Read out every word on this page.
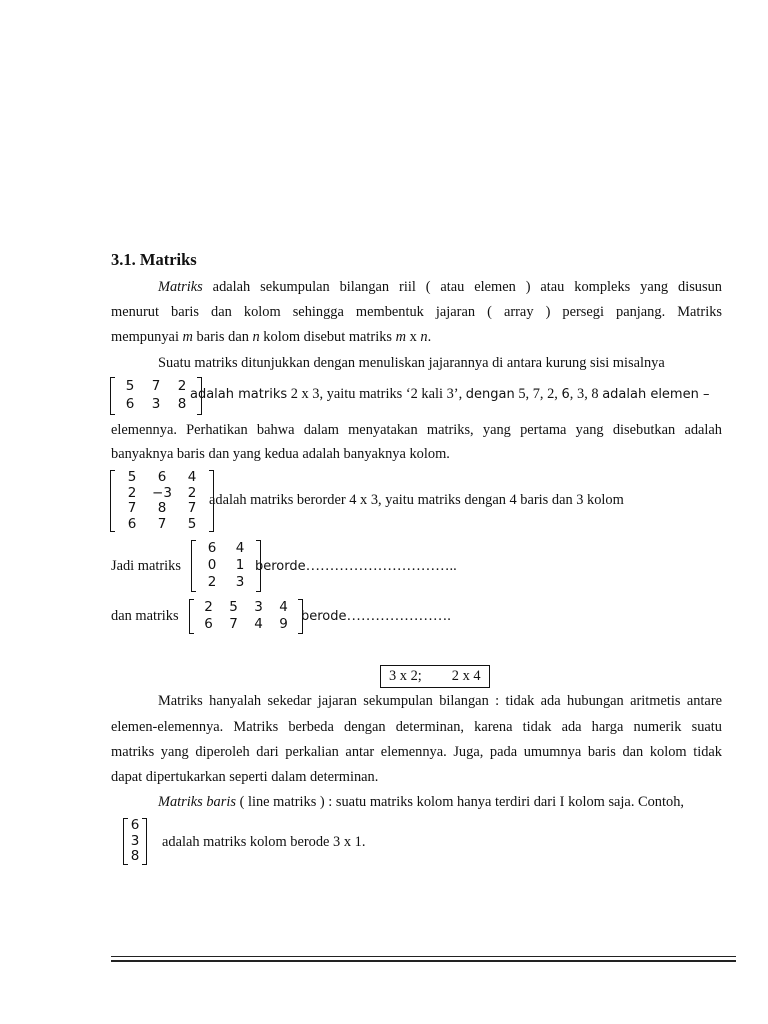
3.1. Matriks
Matriks adalah sekumpulan bilangan riil ( atau elemen ) atau kompleks yang disusun
menurut baris dan kolom sehingga membentuk jajaran ( array ) persegi panjang. Matriks
mempunyai m baris dan n kolom disebut matriks m x n.
Suatu matriks ditunjukkan dengan menuliskan jajarannya di antara kurung sisi misalnya
5	7	2
6	3	8
adalah matriks 2 x 3, yaitu matriks ‘2 kali 3’, dengan 5, 7, 2, 6, 3, 8 adalah elemen –
elemennya. Perhatikan bahwa dalam menyatakan matriks, yang pertama yang disebutkan adalah
banyaknya baris dan yang kedua adalah banyaknya kolom.
5	6	4
2	−3	2
7	8	7
6	7	5
adalah matriks berorder 4 x 3, yaitu matriks dengan 4 baris dan 3 kolom
Jadi matriks
6	4
0	1
2	3
berorde…………………………..
dan matriks
2	5	3	4
6	7	4	9	berode………………….
3 x 2; 2 x 4
Matriks hanyalah sekedar jajaran sekumpulan bilangan : tidak ada hubungan aritmetis antare
elemen-elemennya. Matriks berbeda dengan determinan, karena tidak ada harga numerik suatu
matriks yang diperoleh dari perkalian antar elemennya. Juga, pada umumnya baris dan kolom tidak
dapat dipertukarkan seperti dalam determinan.
Matriks baris ( line matriks ) : suatu matriks kolom hanya terdiri dari I kolom saja. Contoh,
6
3
8
adalah matriks kolom berode 3 x 1.
